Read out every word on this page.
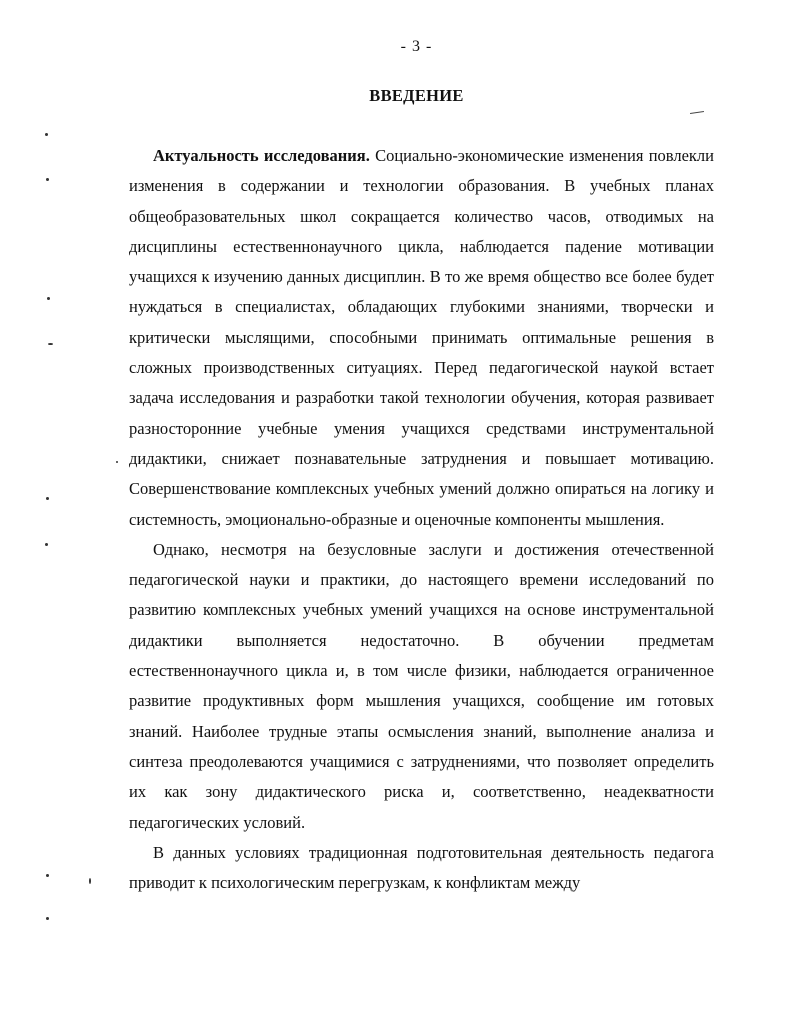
- 3 -
ВВЕДЕНИЕ

Актуальность исследования. Социально-экономические изменения повлекли изменения в содержании и технологии образования. В учебных планах общеобразовательных школ сокращается количество часов, отводимых на дисциплины естественнонаучного цикла, наблюдается падение мотивации учащихся к изучению данных дисциплин. В то же время общество все более будет нуждаться в специалистах, обладающих глубокими знаниями, творчески и критически мыслящими, способными принимать оптимальные решения в сложных производственных ситуациях. Перед педагогической наукой встает задача исследования и разработки такой технологии обучения, которая развивает разносторонние учебные умения учащихся средствами инструментальной дидактики, снижает познавательные затруднения и повышает мотивацию. Совершенствование комплексных учебных умений должно опираться на логику и системность, эмоционально-образные и оценочные компоненты мышления.

Однако, несмотря на безусловные заслуги и достижения отечественной педагогической науки и практики, до настоящего времени исследований по развитию комплексных учебных умений учащихся на основе инструментальной дидактики выполняется недостаточно. В обучении предметам естественнонаучного цикла и, в том числе физики, наблюдается ограниченное развитие продуктивных форм мышления учащихся, сообщение им готовых знаний. Наиболее трудные этапы осмысления знаний, выполнение анализа и синтеза преодолеваются учащимися с затруднениями, что позволяет определить их как зону дидактического риска и, соответственно, неадекватности педагогических условий.

В данных условиях традиционная подготовительная деятельность педагога приводит к психологическим перегрузкам, к конфликтам между
